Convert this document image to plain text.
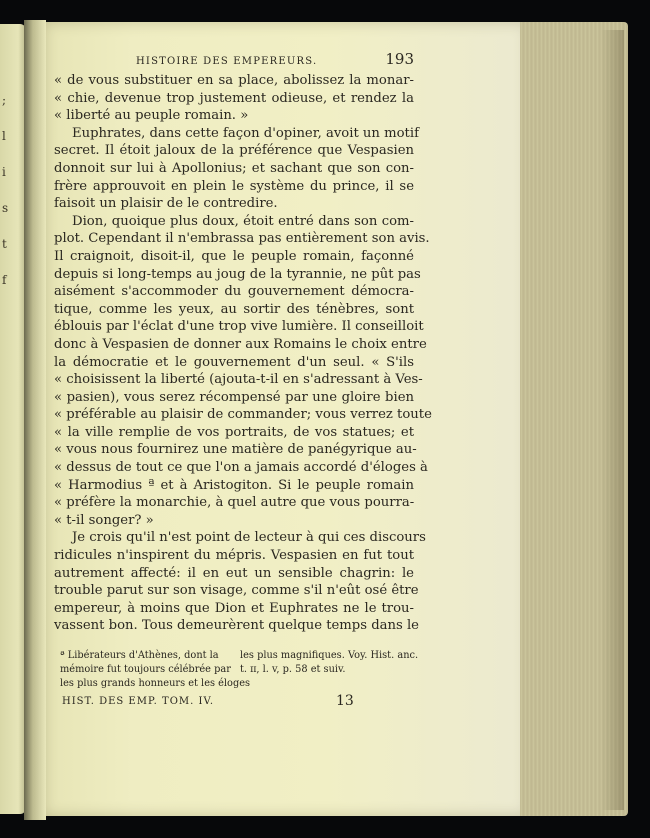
;
l
i
s
t
f
HISTOIRE DES EMPEREURS.	193
« de vous substituer en sa place, abolissez la monar-
« chie, devenue trop justement odieuse, et rendez la
« liberté au peuple romain. »
Euphrates, dans cette façon d'opiner, avoit un motif
secret. Il étoit jaloux de la préférence que Vespasien
donnoit sur lui à Apollonius; et sachant que son con-
frère approuvoit en plein le système du prince, il se
faisoit un plaisir de le contredire.
Dion, quoique plus doux, étoit entré dans son com-
plot. Cependant il n'embrassa pas entièrement son avis.
Il craignoit, disoit-il, que le peuple romain, façonné
depuis si long-temps au joug de la tyrannie, ne pût pas
aisément s'accommoder du gouvernement démocra-
tique, comme les yeux, au sortir des ténèbres, sont
éblouis par l'éclat d'une trop vive lumière. Il conseilloit
donc à Vespasien de donner aux Romains le choix entre
la démocratie et le gouvernement d'un seul. « S'ils
« choisissent la liberté (ajouta-t-il en s'adressant à Ves-
« pasien), vous serez récompensé par une gloire bien
« préférable au plaisir de commander; vous verrez toute
« la ville remplie de vos portraits, de vos statues; et
« vous nous fournirez une matière de panégyrique au-
« dessus de tout ce que l'on a jamais accordé d'éloges à
« Harmodius ª et à Aristogiton. Si le peuple romain
« préfère la monarchie, à quel autre que vous pourra-
« t-il songer? »
Je crois qu'il n'est point de lecteur à qui ces discours
ridicules n'inspirent du mépris. Vespasien en fut tout
autrement affecté: il en eut un sensible chagrin: le
trouble parut sur son visage, comme s'il n'eût osé être
empereur, à moins que Dion et Euphrates ne le trou-
vassent bon. Tous demeurèrent quelque temps dans le
ª Libérateurs d'Athènes, dont la
mémoire fut toujours célébrée par
les plus grands honneurs et les éloges
les plus magnifiques. Voy. Hist. anc.
t. ɪɪ, l. v, p. 58 et suiv.
HIST. DES EMP. TOM. IV.	13
